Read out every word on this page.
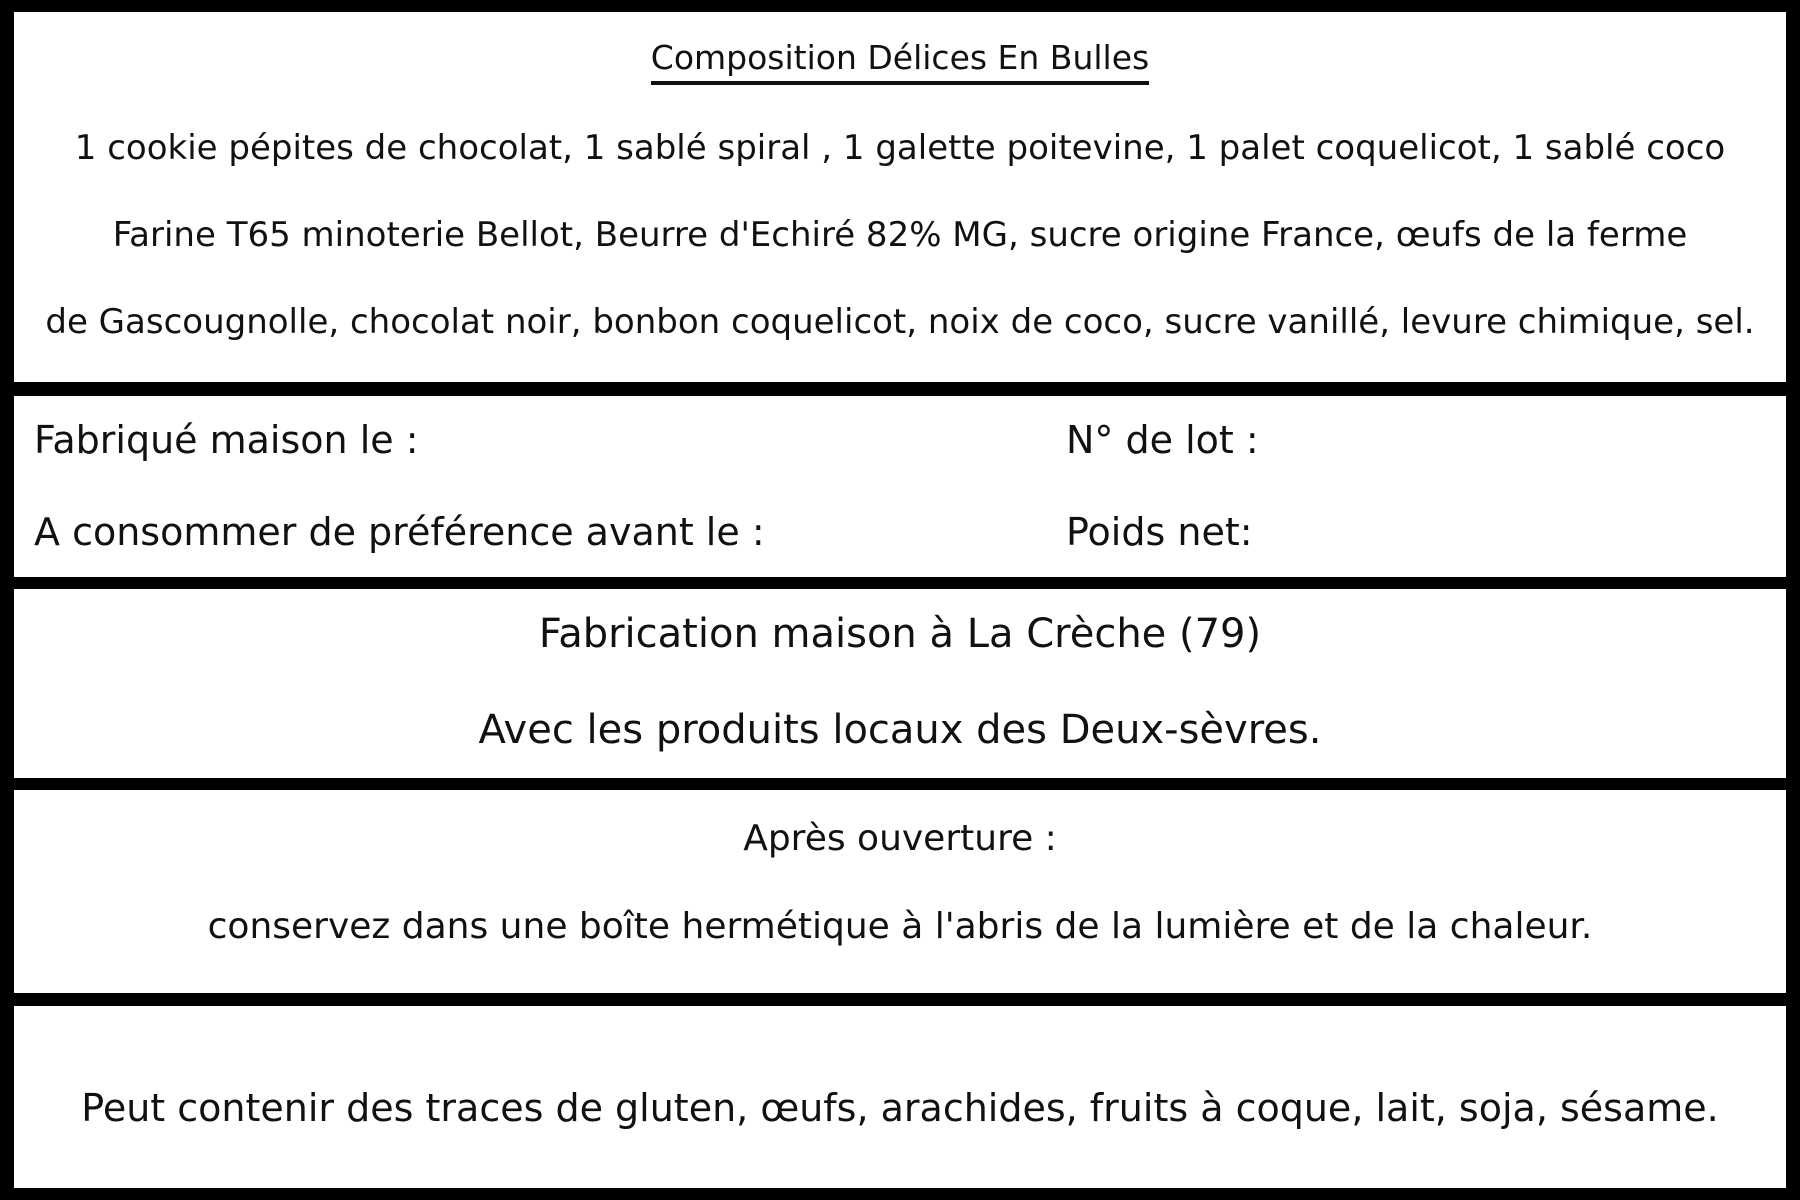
Composition Délices En Bulles
1 cookie pépites de chocolat, 1 sablé spiral , 1 galette poitevine, 1 palet coquelicot, 1 sablé coco
Farine T65 minoterie Bellot, Beurre d'Echiré 82% MG, sucre origine France, œufs de la ferme
de Gascougnolle, chocolat noir, bonbon coquelicot, noix de coco, sucre vanillé, levure chimique, sel.
Fabriqué maison le :
A consommer de préférence avant le :
N° de lot :
Poids net:
Fabrication maison à La Crèche (79)
Avec les produits locaux des Deux-sèvres.
Après ouverture :
conservez dans une boîte hermétique à l'abris de la lumière et de la chaleur.
Peut contenir des traces de gluten, œufs, arachides, fruits à coque, lait, soja, sésame.
